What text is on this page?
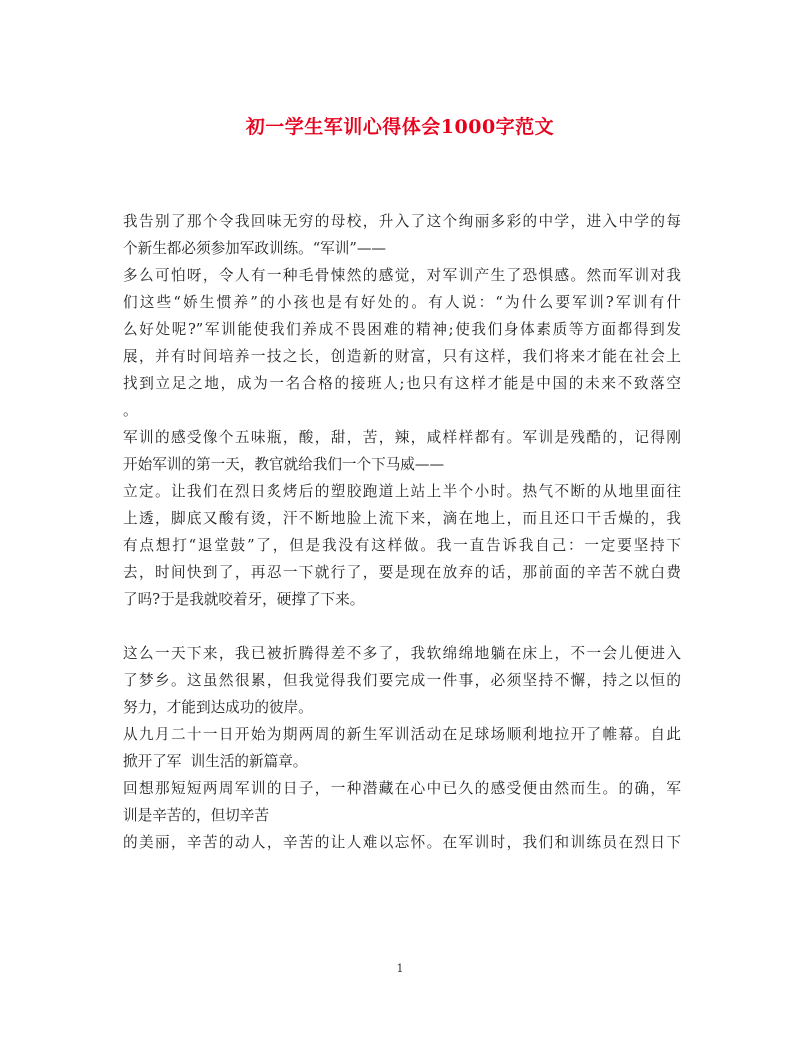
初一学生军训心得体会1000字范文
我告别了那个令我回味无穷的母校，升入了这个绚丽多彩的中学，进入中学的每
个新生都必须参加军政训练。“军训”——
多么可怕呀，令人有一种毛骨悚然的感觉，对军训产生了恐惧感。然而军训对我
们这些“娇生惯养”的小孩也是有好处的。有人说：“为什么要军训?军训有什
么好处呢?”军训能使我们养成不畏困难的精神;使我们身体素质等方面都得到发
展，并有时间培养一技之长，创造新的财富，只有这样，我们将来才能在社会上
找到立足之地，成为一名合格的接班人;也只有这样才能是中国的未来不致落空
。
军训的感受像个五味瓶，酸，甜，苦，辣，咸样样都有。军训是残酷的，记得刚
开始军训的第一天，教官就给我们一个下马威——
立定。让我们在烈日炙烤后的塑胶跑道上站上半个小时。热气不断的从地里面往
上透，脚底又酸有烫，汗不断地脸上流下来，滴在地上，而且还口干舌燥的，我
有点想打“退堂鼓”了，但是我没有这样做。我一直告诉我自己：一定要坚持下
去，时间快到了，再忍一下就行了，要是现在放弃的话，那前面的辛苦不就白费
了吗?于是我就咬着牙，硬撑了下来。
这么一天下来，我已被折腾得差不多了，我软绵绵地躺在床上，不一会儿便进入
了梦乡。这虽然很累，但我觉得我们要完成一件事，必须坚持不懈，持之以恒的
努力，才能到达成功的彼岸。
从九月二十一日开始为期两周的新生军训活动在足球场顺利地拉开了帷幕。自此
掀开了军  训生活的新篇章。
回想那短短两周军训的日子，一种潜藏在心中已久的感受便由然而生。的确，军
训是辛苦的，但切辛苦
的美丽，辛苦的动人，辛苦的让人难以忘怀。在军训时，我们和训练员在烈日下
1
